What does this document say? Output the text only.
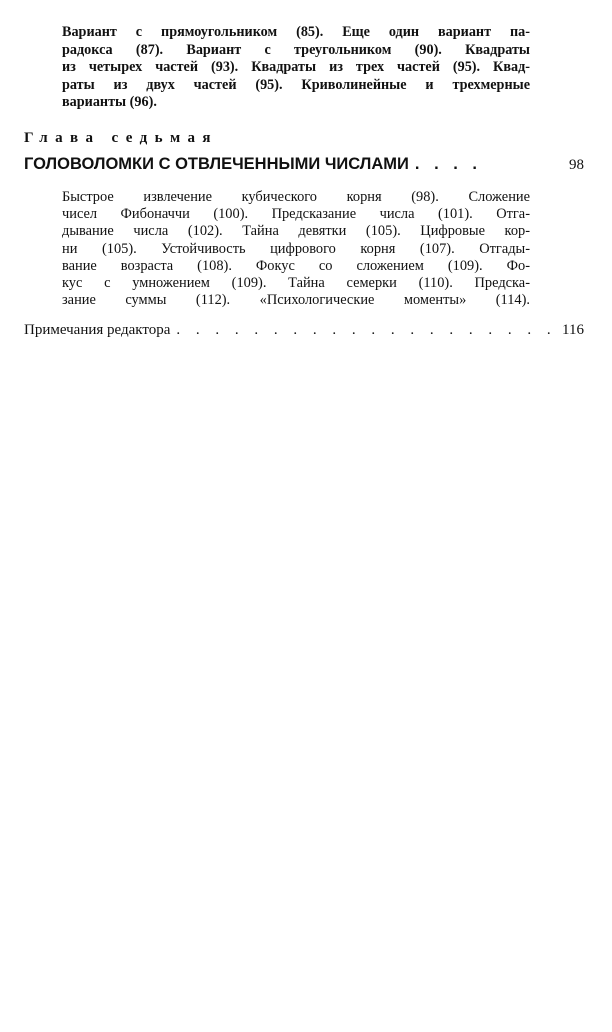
Вариант с прямоугольником (85). Еще один вариант па-
радокса (87). Вариант с треугольником (90). Квадраты
из четырех частей (93). Квадраты из трех частей (95). Квад-
раты из двух частей (95). Криволинейные и трехмерные
варианты (96).

Глава седьмая

ГОЛОВОЛОМКИ С ОТВЛЕЧЕННЫМИ ЧИСЛАМИ . . . .	98

Быстрое извлечение кубического корня (98). Сложение
чисел Фибоначчи (100). Предсказание числа (101). Отга-
дывание числа (102). Тайна девятки (105). Цифровые кор-
ни (105). Устойчивость цифрового корня (107). Отгады-
вание возраста (108). Фокус со сложением (109). Фо-
кус с умножением (109). Тайна семерки (110). Предска-
зание суммы (112). «Психологические моменты» (114).

Примечания редактора . . . . . . . . . . . . . . . . . . . . 116
